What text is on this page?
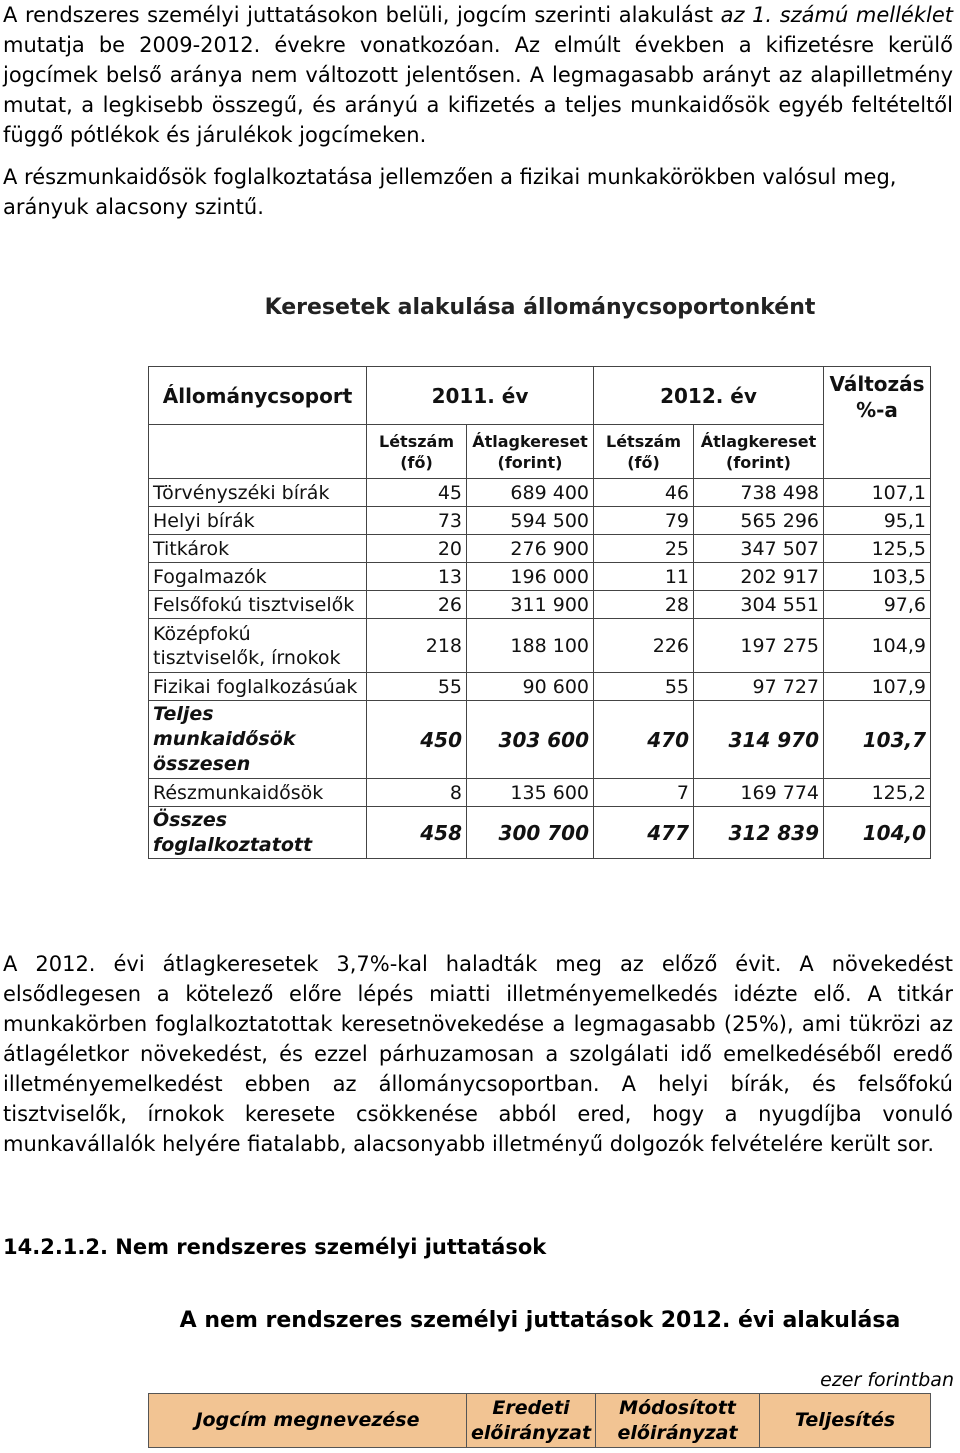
A rendszeres személyi juttatásokon belüli, jogcím szerinti alakulást az 1. számú melléklet mutatja be 2009-2012. évekre vonatkozóan. Az elmúlt években a kifizetésre kerülő jogcímek belső aránya nem változott jelentősen. A legmagasabb arányt az alapilletmény mutat, a legkisebb összegű, és arányú a kifizetés a teljes munkaidősök egyéb feltételtől függő pótlékok és járulékok jogcímeken.

A részmunkaidősök foglalkoztatása jellemzően a fizikai munkakörökben valósul meg, arányuk alacsony szintű.

Keresetek alakulása állománycsoportonként
Állománycsoport	2011. év		2012. év		Változás %-a
	Létszám (fő)	Átlagkereset (forint)	Létszám (fő)	Átlagkereset (forint)	
Törvényszéki bírák	45	689 400	46	738 498	107,1
Helyi bírák	73	594 500	79	565 296	95,1
Titkárok	20	276 900	25	347 507	125,5
Fogalmazók	13	196 000	11	202 917	103,5
Felsőfokú tisztviselők	26	311 900	28	304 551	97,6
Középfokú tisztviselők, írnokok	218	188 100	226	197 275	104,9
Fizikai foglalkozásúak	55	90 600	55	97 727	107,9
Teljes munkaidősök összesen	450	303 600	470	314 970	103,7
Részmunkaidősök	8	135 600	7	169 774	125,2
Összes foglalkoztatott	458	300 700	477	312 839	104,0

A 2012. évi átlagkeresetek 3,7%-kal haladták meg az előző évit. A növekedést elsődlegesen a kötelező előre lépés miatti illetményemelkedés idézte elő. A titkár munkakörben foglalkoztatottak keresetnövekedése a legmagasabb (25%), ami tükrözi az átlagéletkor növekedést, és ezzel párhuzamosan a szolgálati idő emelkedéséből eredő illetményemelkedést ebben az állománycsoportban. A helyi bírák, és felsőfokú tisztviselők, írnokok keresete csökkenése abból ered, hogy a nyugdíjba vonuló munkavállalók helyére fiatalabb, alacsonyabb illetményű dolgozók felvételére került sor.

14.2.1.2. Nem rendszeres személyi juttatások
A nem rendszeres személyi juttatások 2012. évi alakulása
ezer forintban
Jogcím megnevezése	Eredeti előirányzat	Módosított előirányzat	Teljesítés
